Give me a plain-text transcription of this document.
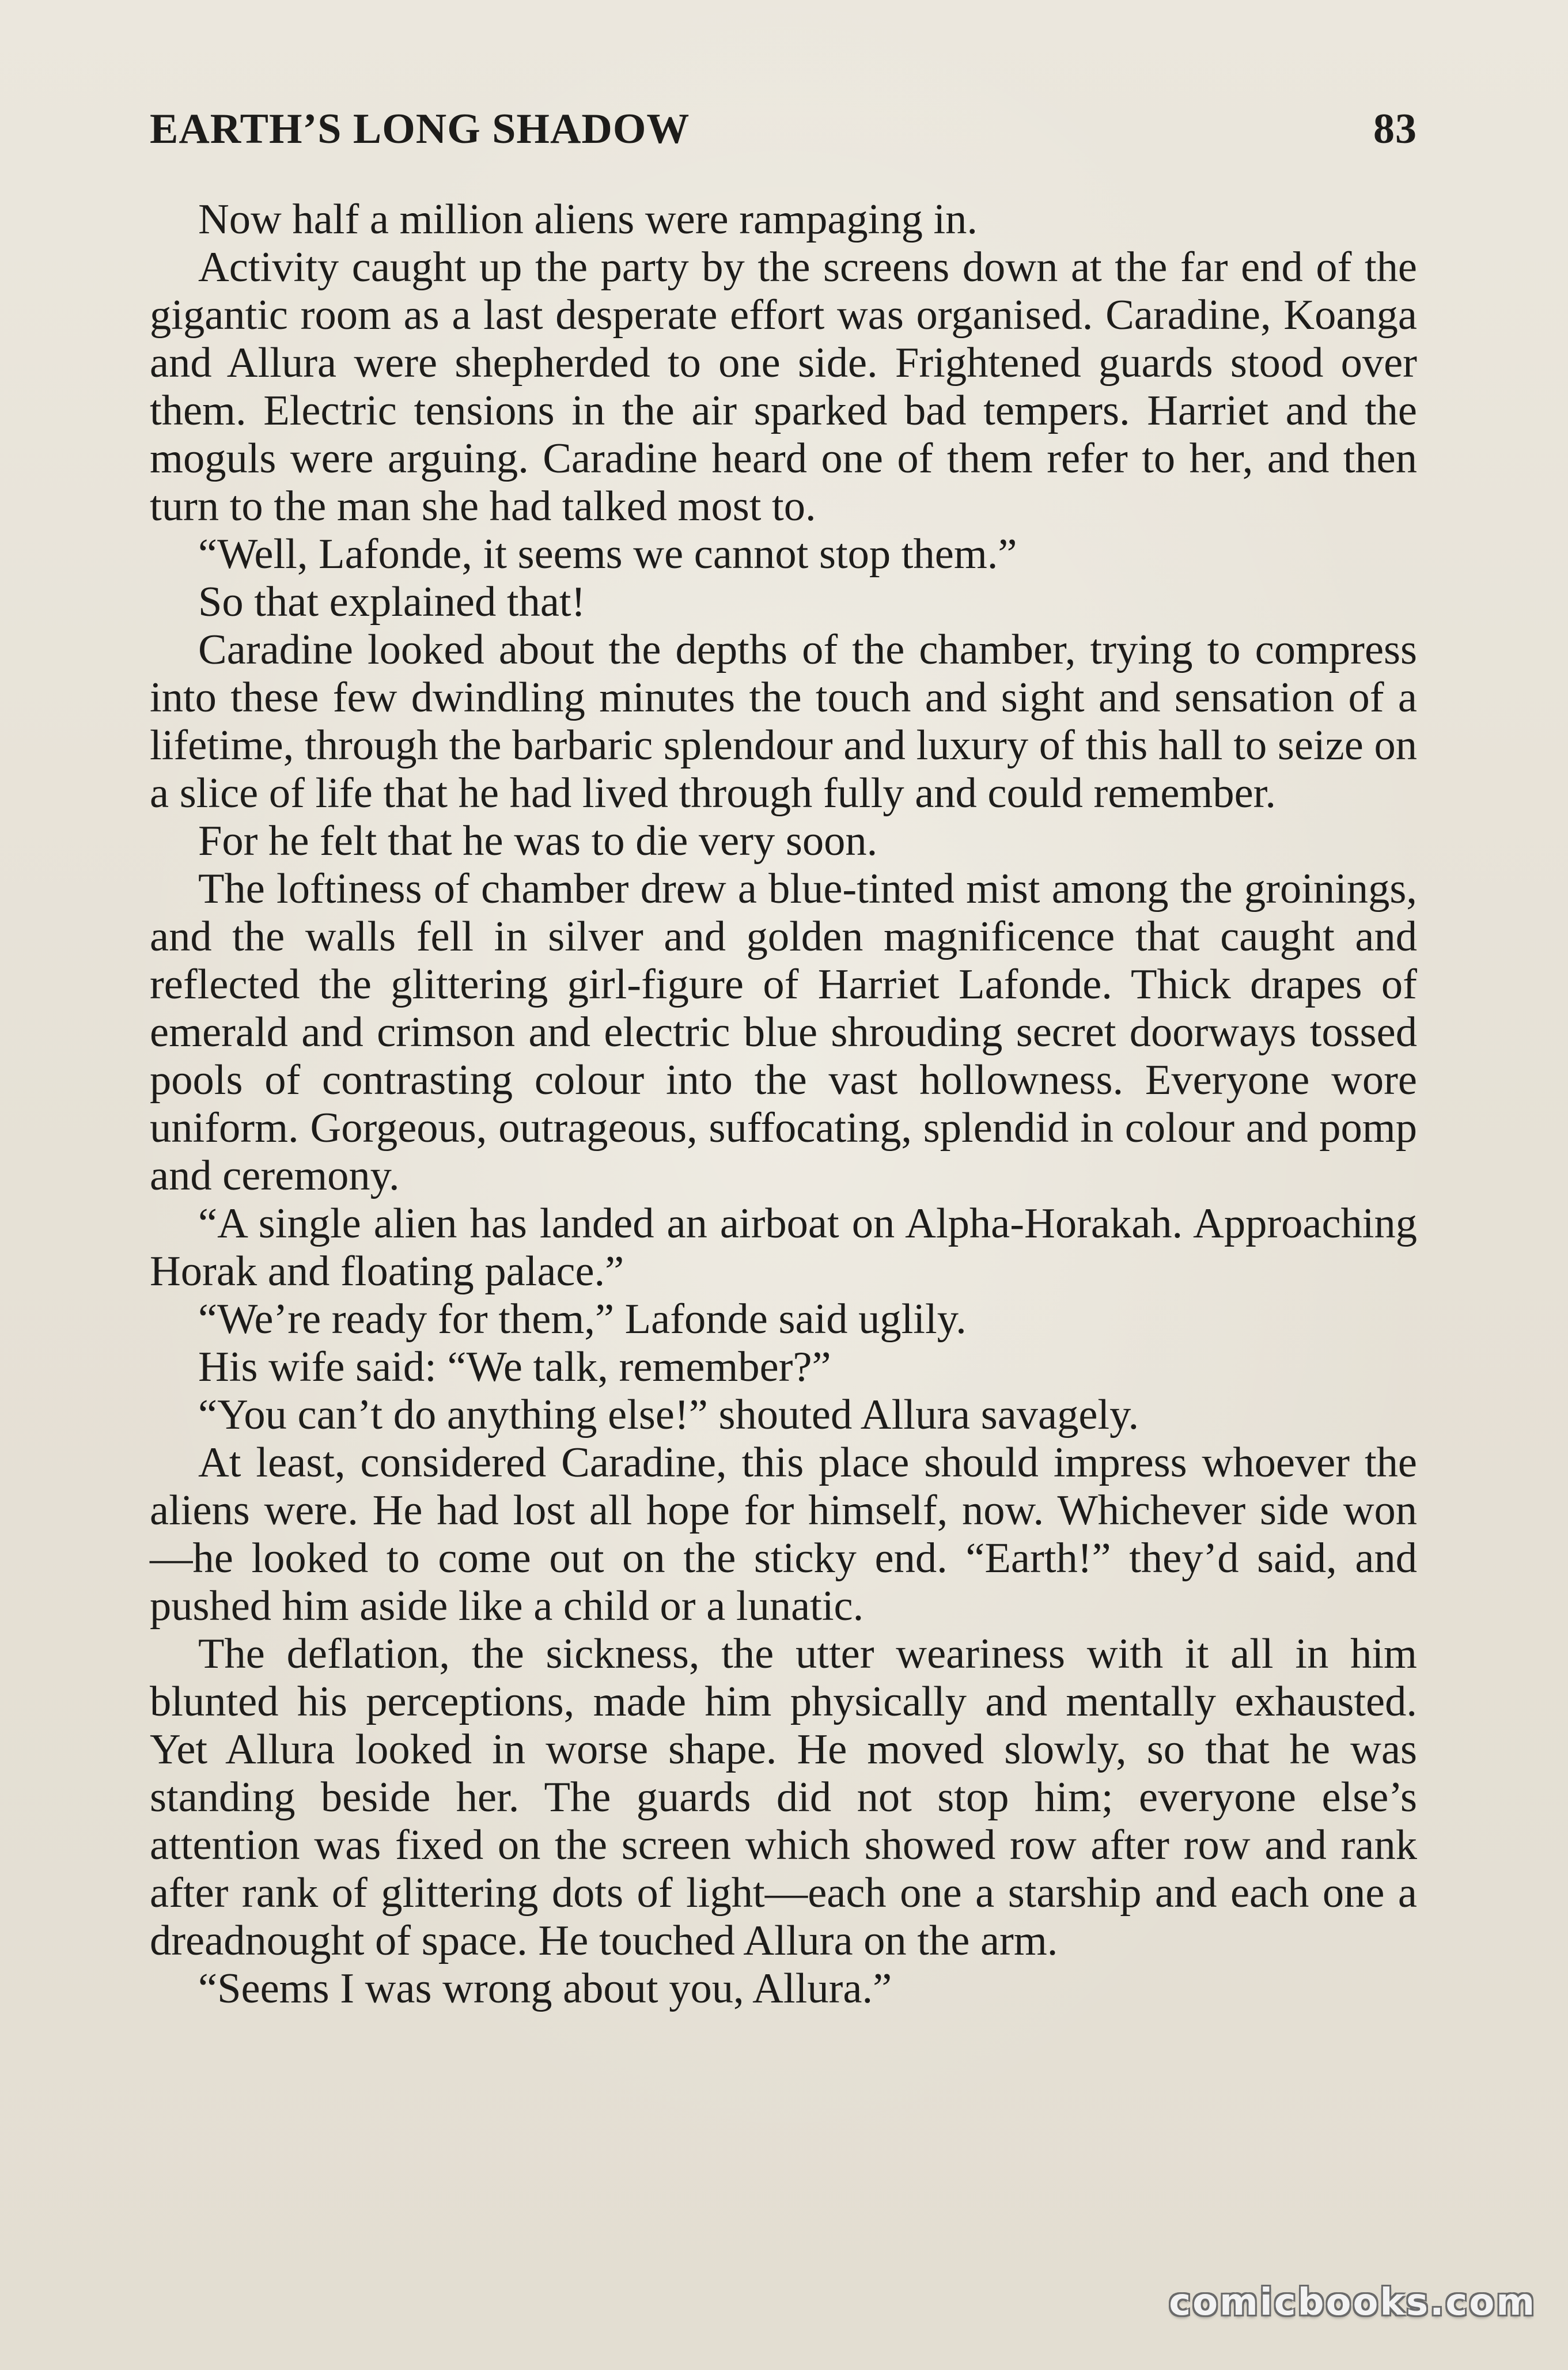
EARTH’S LONG SHADOW	83

Now half a million aliens were rampaging in.

Activity caught up the party by the screens down at the far end of the gigantic room as a last desperate effort was organised. Caradine, Koanga and Allura were shepherded to one side. Frightened guards stood over them. Electric tensions in the air sparked bad tempers. Harriet and the moguls were arguing. Caradine heard one of them refer to her, and then turn to the man she had talked most to.

“Well, Lafonde, it seems we cannot stop them.”

So that explained that!

Caradine looked about the depths of the chamber, trying to compress into these few dwindling minutes the touch and sight and sensation of a lifetime, through the barbaric splendour and luxury of this hall to seize on a slice of life that he had lived through fully and could remember.

For he felt that he was to die very soon.

The loftiness of chamber drew a blue-tinted mist among the groinings, and the walls fell in silver and golden magnificence that caught and reflected the glittering girl-figure of Harriet Lafonde. Thick drapes of emerald and crimson and electric blue shrouding secret doorways tossed pools of contrasting colour into the vast hollowness. Everyone wore uniform. Gorgeous, outrageous, suffocating, splendid in colour and pomp and ceremony.

“A single alien has landed an airboat on Alpha-Horakah. Approaching Horak and floating palace.”

“We’re ready for them,” Lafonde said uglily.

His wife said: “We talk, remember?”

“You can’t do anything else!” shouted Allura savagely.

At least, considered Caradine, this place should impress whoever the aliens were. He had lost all hope for himself, now. Whichever side won—he looked to come out on the sticky end. “Earth!” they’d said, and pushed him aside like a child or a lunatic.

The deflation, the sickness, the utter weariness with it all in him blunted his perceptions, made him physically and mentally exhausted. Yet Allura looked in worse shape. He moved slowly, so that he was standing beside her. The guards did not stop him; everyone else’s attention was fixed on the screen which showed row after row and rank after rank of glittering dots of light—each one a starship and each one a dreadnought of space. He touched Allura on the arm.

“Seems I was wrong about you, Allura.”

comicbooks.com
